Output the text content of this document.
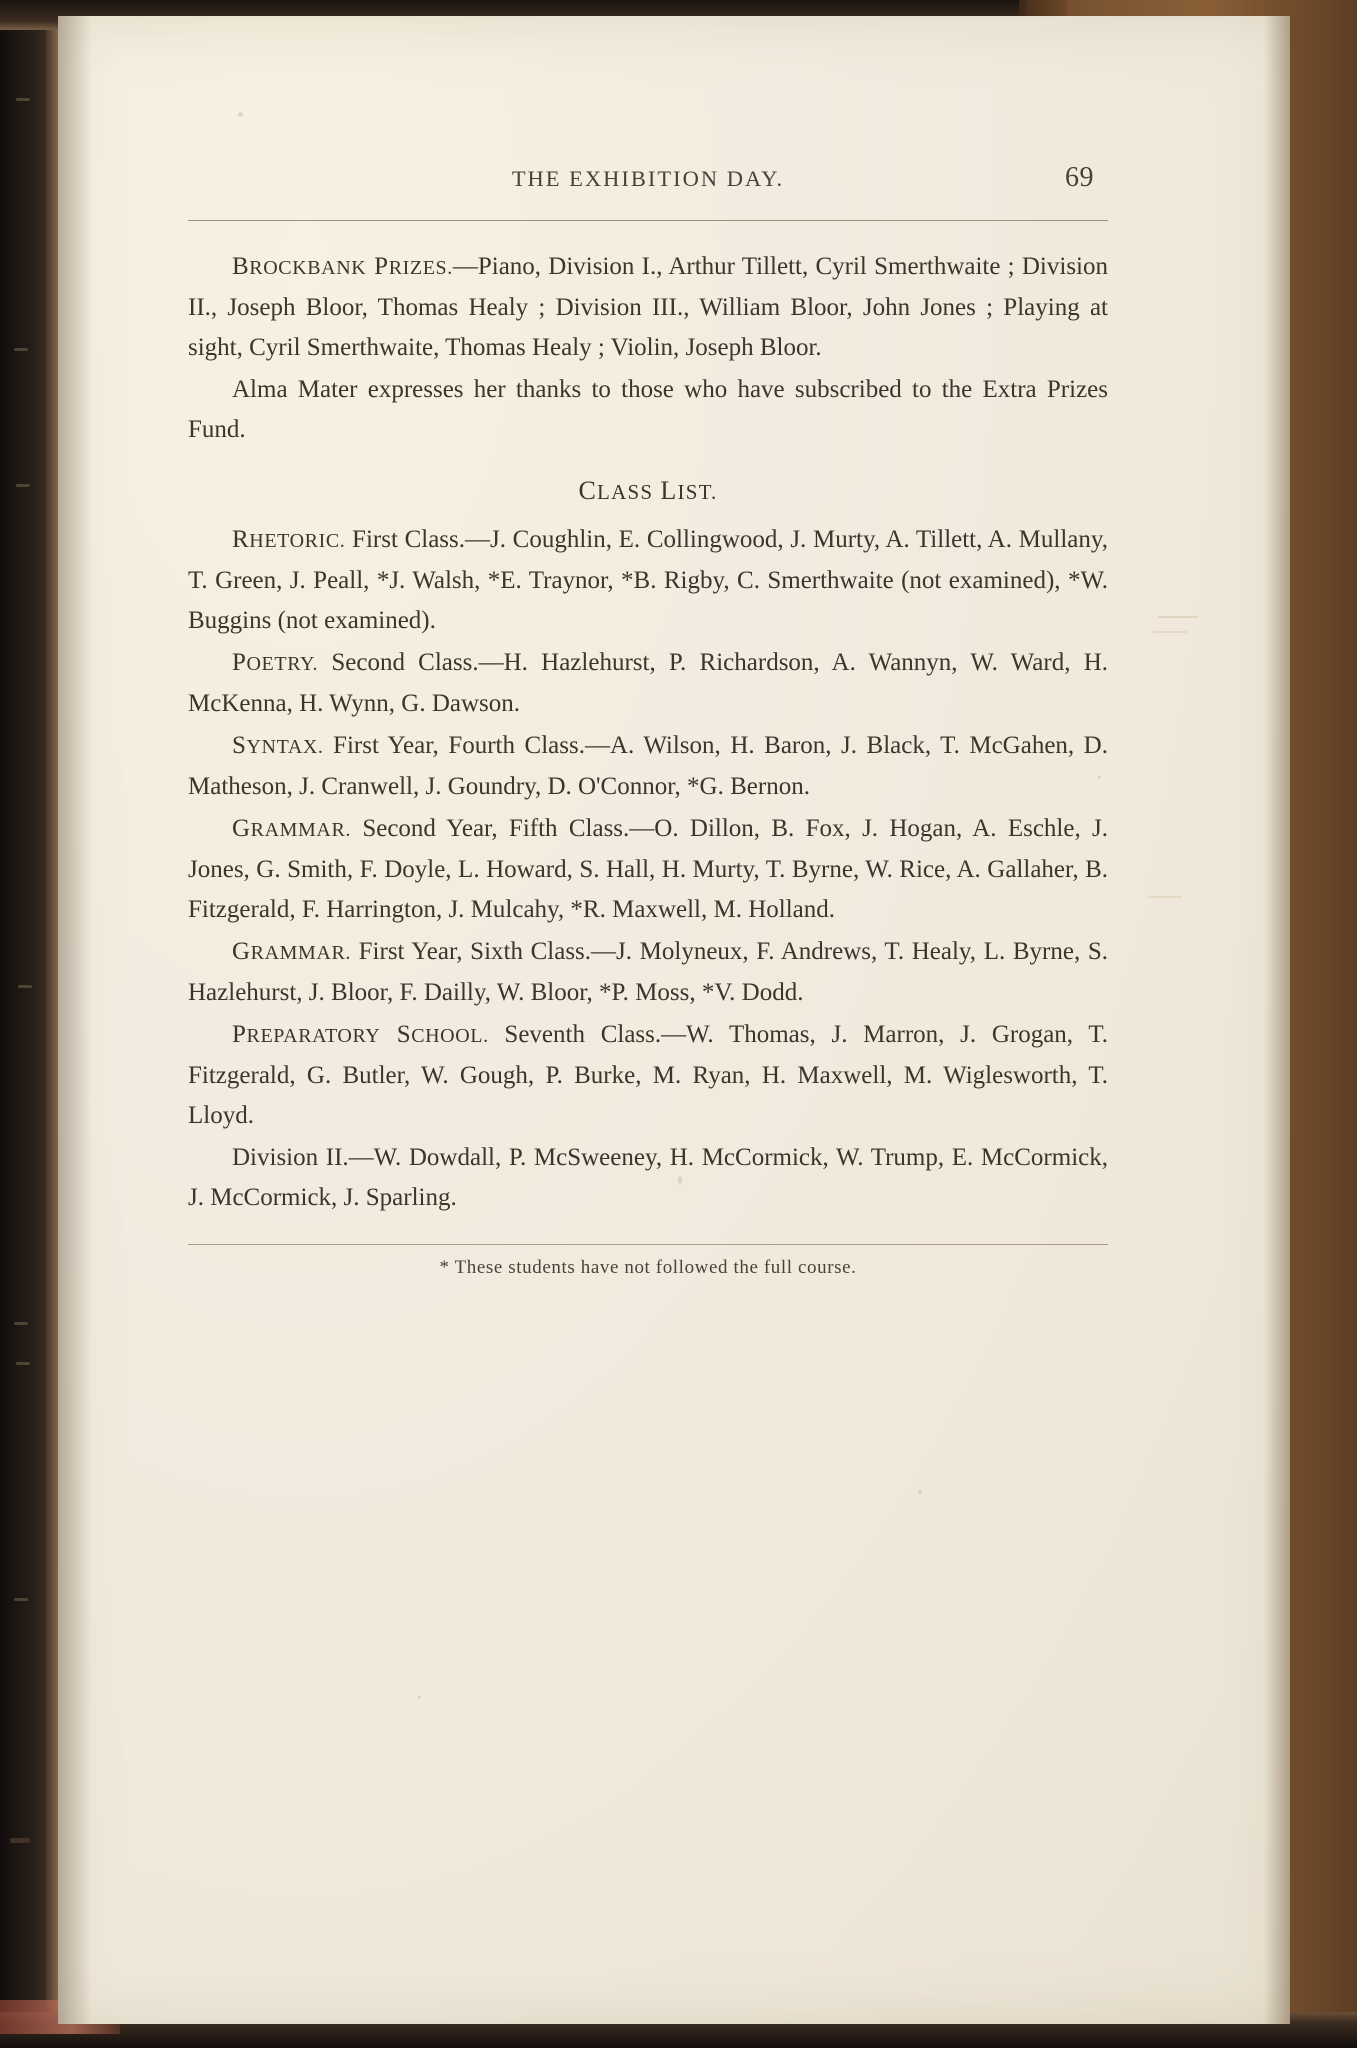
THE EXHIBITION DAY.	69

BROCKBANK PRIZES.—Piano, Division I., Arthur Tillett, Cyril Smerthwaite ; Division II., Joseph Bloor, Thomas Healy ; Division III., William Bloor, John Jones ; Playing at sight, Cyril Smerthwaite, Thomas Healy ; Violin, Joseph Bloor.

Alma Mater expresses her thanks to those who have subscribed to the Extra Prizes Fund.

CLASS LIST.

RHETORIC. First Class.—J. Coughlin, E. Collingwood, J. Murty, A. Tillett, A. Mullany, T. Green, J. Peall, *J. Walsh, *E. Traynor, *B. Rigby, C. Smerthwaite (not examined), *W. Buggins (not examined).

POETRY. Second Class.—H. Hazlehurst, P. Richardson, A. Wannyn, W. Ward, H. McKenna, H. Wynn, G. Dawson.

SYNTAX. First Year, Fourth Class.—A. Wilson, H. Baron, J. Black, T. McGahen, D. Matheson, J. Cranwell, J. Goundry, D. O'Connor, *G. Bernon.

GRAMMAR. Second Year, Fifth Class.—O. Dillon, B. Fox, J. Hogan, A. Eschle, J. Jones, G. Smith, F. Doyle, L. Howard, S. Hall, H. Murty, T. Byrne, W. Rice, A. Gallaher, B. Fitzgerald, F. Harrington, J. Mulcahy, *R. Maxwell, M. Holland.

GRAMMAR. First Year, Sixth Class.—J. Molyneux, F. Andrews, T. Healy, L. Byrne, S. Hazlehurst, J. Bloor, F. Dailly, W. Bloor, *P. Moss, *V. Dodd.

PREPARATORY SCHOOL. Seventh Class.—W. Thomas, J. Marron, J. Grogan, T. Fitzgerald, G. Butler, W. Gough, P. Burke, M. Ryan, H. Maxwell, M. Wiglesworth, T. Lloyd.

Division II.—W. Dowdall, P. McSweeney, H. McCormick, W. Trump, E. McCormick, J. McCormick, J. Sparling.

* These students have not followed the full course.
